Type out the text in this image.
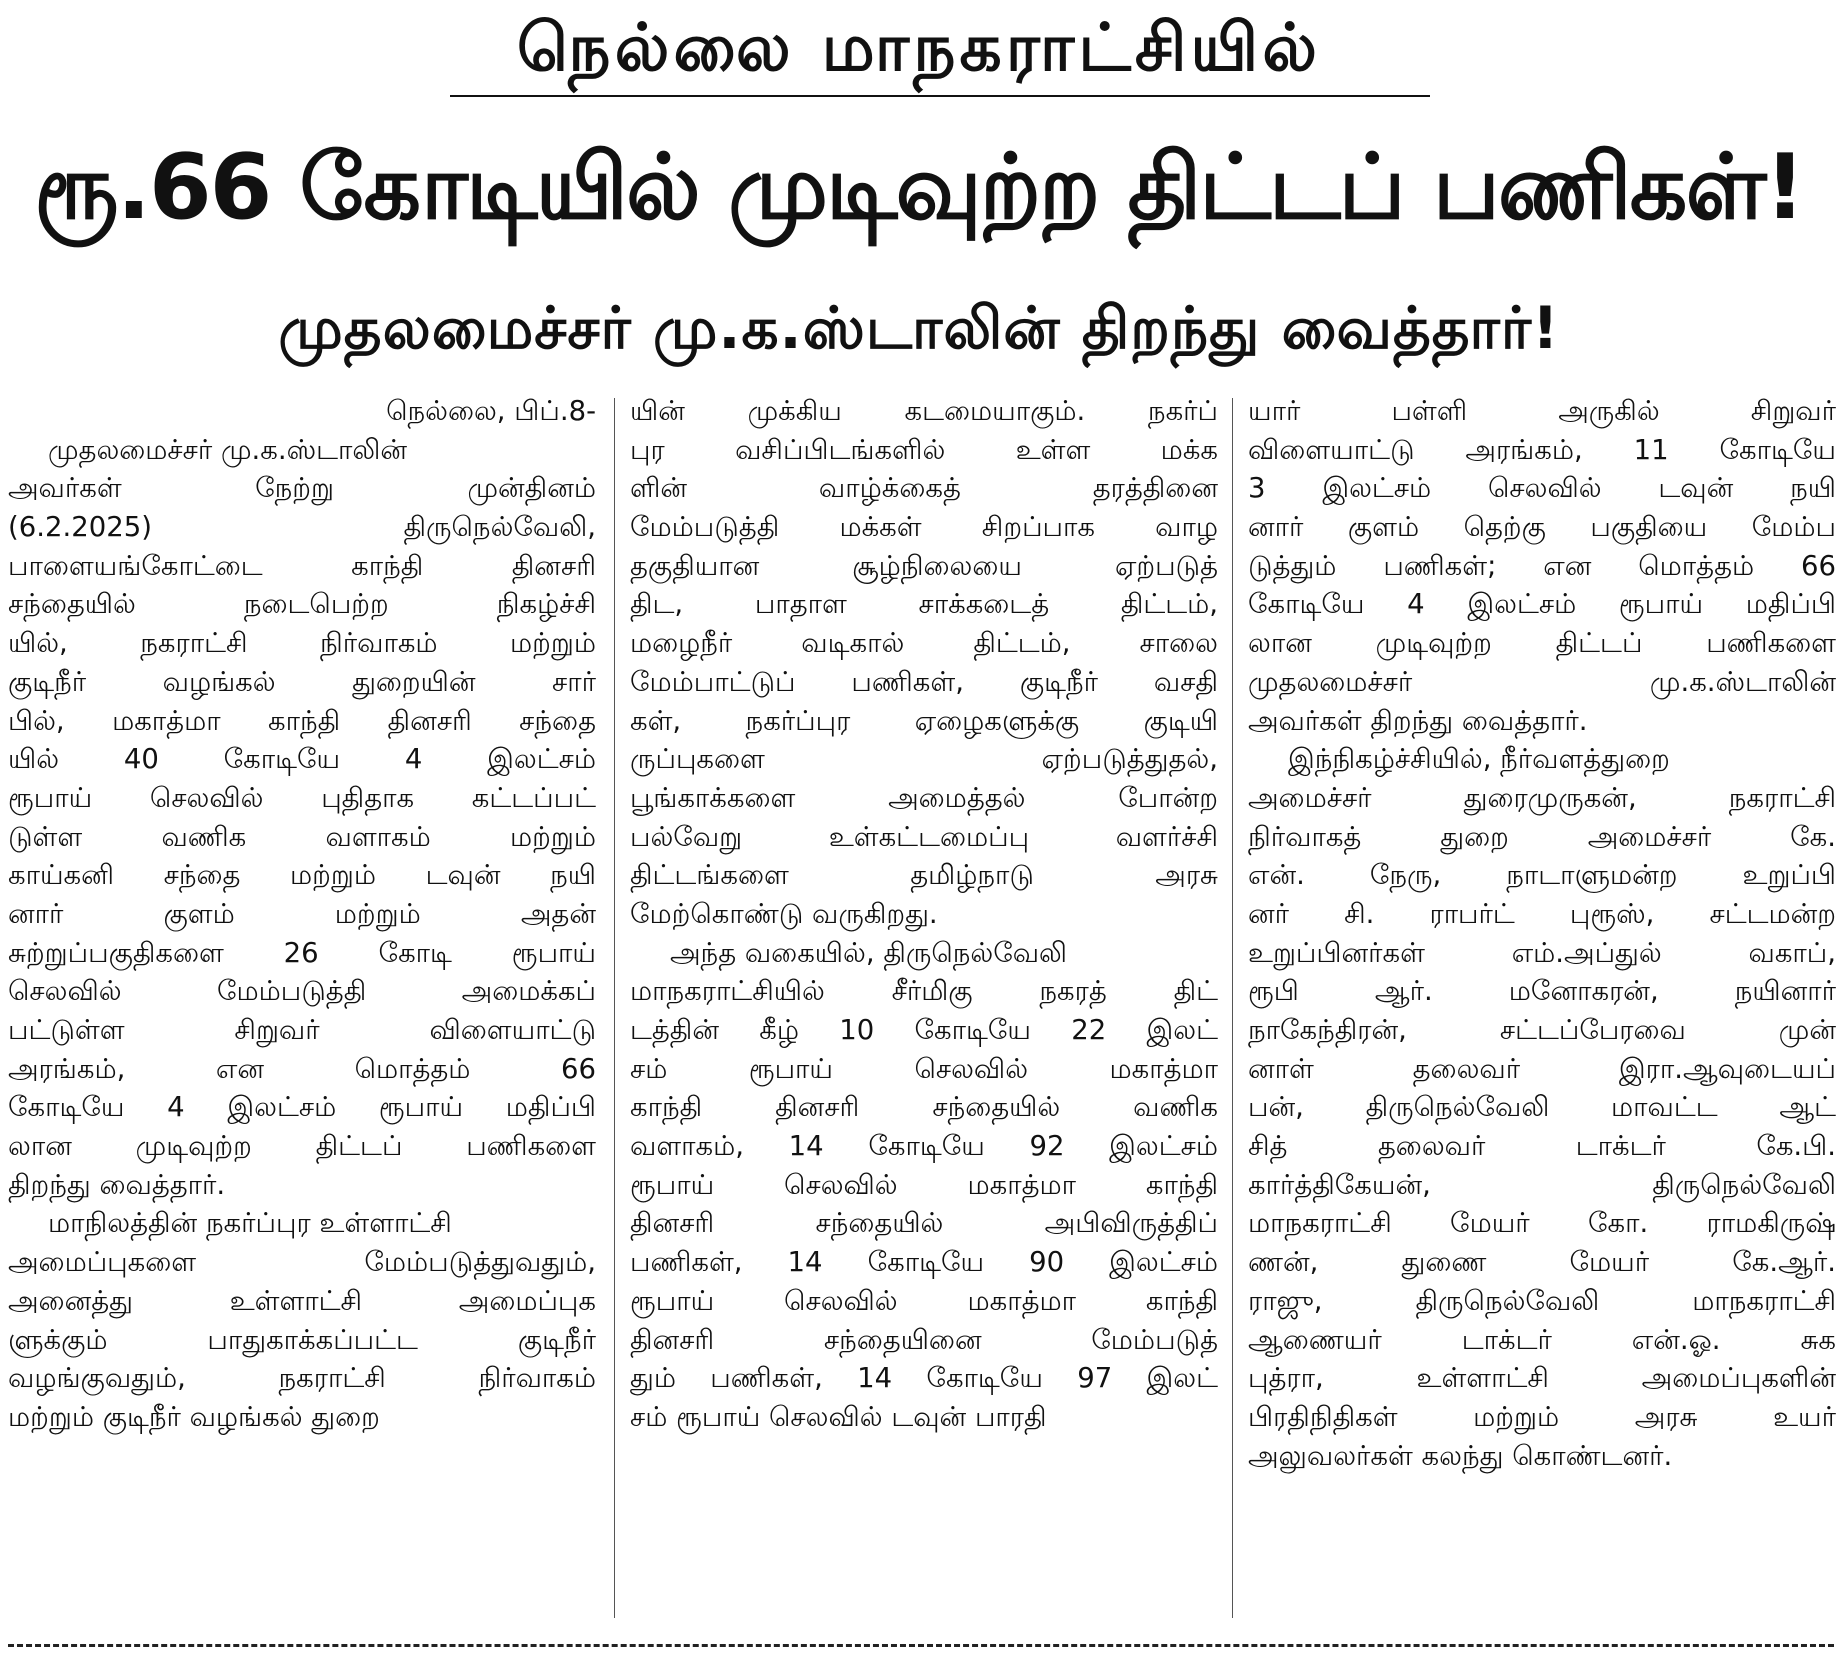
நெல்லை மாநகராட்சியில்
ரூ.66 கோடியில் முடிவுற்ற திட்டப் பணிகள்!
முதலமைச்சர் மு.க.ஸ்டாலின் திறந்து வைத்தார்!
நெல்லை, பிப்.8-
முதலமைச்சர் மு.க.ஸ்டாலின்
அவர்கள் நேற்று முன்தினம்
(6.2.2025) திருநெல்வேலி,
பாளையங்கோட்டை காந்தி தினசரி
சந்தையில் நடைபெற்ற நிகழ்ச்சி
யில், நகராட்சி நிர்வாகம் மற்றும்
குடிநீர் வழங்கல் துறையின் சார்
பில், மகாத்மா காந்தி தினசரி சந்தை
யில் 40 கோடியே 4 இலட்சம்
ரூபாய் செலவில் புதிதாக கட்டப்பட்
டுள்ள வணிக வளாகம் மற்றும்
காய்கனி சந்தை மற்றும் டவுன் நயி
னார் குளம் மற்றும் அதன்
சுற்றுப்பகுதிகளை 26 கோடி ரூபாய்
செலவில் மேம்படுத்தி அமைக்கப்
பட்டுள்ள சிறுவர் விளையாட்டு
அரங்கம், என மொத்தம் 66
கோடியே 4 இலட்சம் ரூபாய் மதிப்பி
லான முடிவுற்ற திட்டப் பணிகளை
திறந்து வைத்தார்.
மாநிலத்தின் நகர்ப்புர உள்ளாட்சி
அமைப்புகளை மேம்படுத்துவதும்,
அனைத்து உள்ளாட்சி அமைப்புக
ளுக்கும் பாதுகாக்கப்பட்ட குடிநீர்
வழங்குவதும், நகராட்சி நிர்வாகம்
மற்றும் குடிநீர் வழங்கல் துறை
யின் முக்கிய கடமையாகும். நகர்ப்
புர வசிப்பிடங்களில் உள்ள மக்க
ளின் வாழ்க்கைத் தரத்தினை
மேம்படுத்தி மக்கள் சிறப்பாக வாழ
தகுதியான சூழ்நிலையை ஏற்படுத்
திட, பாதாள சாக்கடைத் திட்டம்,
மழைநீர் வடிகால் திட்டம், சாலை
மேம்பாட்டுப் பணிகள், குடிநீர் வசதி
கள், நகர்ப்புர ஏழைகளுக்கு குடியி
ருப்புகளை ஏற்படுத்துதல்,
பூங்காக்களை அமைத்தல் போன்ற
பல்வேறு உள்கட்டமைப்பு வளர்ச்சி
திட்டங்களை தமிழ்நாடு அரசு
மேற்கொண்டு வருகிறது.
அந்த வகையில், திருநெல்வேலி
மாநகராட்சியில் சீர்மிகு நகரத் திட்
டத்தின் கீழ் 10 கோடியே 22 இலட்
சம் ரூபாய் செலவில் மகாத்மா
காந்தி தினசரி சந்தையில் வணிக
வளாகம், 14 கோடியே 92 இலட்சம்
ரூபாய் செலவில் மகாத்மா காந்தி
தினசரி சந்தையில் அபிவிருத்திப்
பணிகள், 14 கோடியே 90 இலட்சம்
ரூபாய் செலவில் மகாத்மா காந்தி
தினசரி சந்தையினை மேம்படுத்
தும் பணிகள், 14 கோடியே 97 இலட்
சம் ரூபாய் செலவில் டவுன் பாரதி
யார் பள்ளி அருகில் சிறுவர்
விளையாட்டு அரங்கம், 11 கோடியே
3 இலட்சம் செலவில் டவுன் நயி
னார் குளம் தெற்கு பகுதியை மேம்ப
டுத்தும் பணிகள்; என மொத்தம் 66
கோடியே 4 இலட்சம் ரூபாய் மதிப்பி
லான முடிவுற்ற திட்டப் பணிகளை
முதலமைச்சர் மு.க.ஸ்டாலின்
அவர்கள் திறந்து வைத்தார்.
இந்நிகழ்ச்சியில், நீர்வளத்துறை
அமைச்சர் துரைமுருகன், நகராட்சி
நிர்வாகத் துறை அமைச்சர் கே.
என். நேரு, நாடாளுமன்ற உறுப்பி
னர் சி. ராபர்ட் புரூஸ், சட்டமன்ற
உறுப்பினர்கள் எம்.அப்துல் வகாப்,
ரூபி ஆர். மனோகரன், நயினார்
நாகேந்திரன், சட்டப்பேரவை முன்
னாள் தலைவர் இரா.ஆவுடையப்
பன், திருநெல்வேலி மாவட்ட ஆட்
சித் தலைவர் டாக்டர் கே.பி.
கார்த்திகேயன், திருநெல்வேலி
மாநகராட்சி மேயர் கோ. ராமகிருஷ்
ணன், துணை மேயர் கே.ஆர்.
ராஜு, திருநெல்வேலி மாநகராட்சி
ஆணையர் டாக்டர் என்.ஓ. சுக
புத்ரா, உள்ளாட்சி அமைப்புகளின்
பிரதிநிதிகள் மற்றும் அரசு உயர்
அலுவலர்கள் கலந்து கொண்டனர்.
